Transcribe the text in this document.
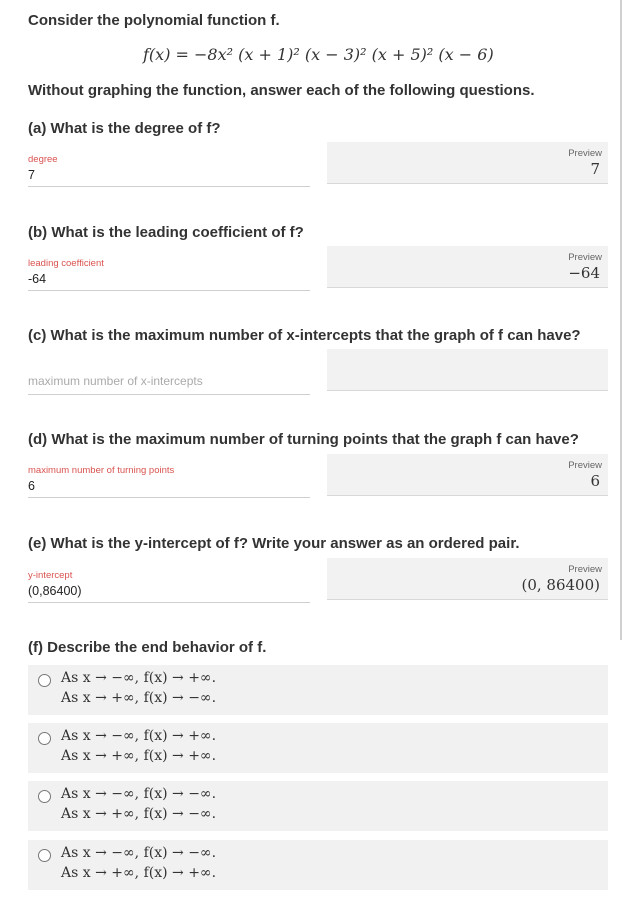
Consider the polynomial function f.
f(x) = −8x² (x + 1)² (x − 3)² (x + 5)² (x − 6)
Without graphing the function, answer each of the following questions.
(a) What is the degree of f?
degree
7
Preview
7
(b) What is the leading coefficient of f?
leading coefficient
-64
Preview
−64
(c) What is the maximum number of x-intercepts that the graph of f can have?
maximum number of x-intercepts
(d) What is the maximum number of turning points that the graph f can have?
maximum number of turning points
6
Preview
6
(e) What is the y-intercept of f? Write your answer as an ordered pair.
y-intercept
(0,86400)
Preview
(0, 86400)
(f) Describe the end behavior of f.
As x → −∞, f(x) → +∞.
As x → +∞, f(x) → −∞.
As x → −∞, f(x) → +∞.
As x → +∞, f(x) → +∞.
As x → −∞, f(x) → −∞.
As x → +∞, f(x) → −∞.
As x → −∞, f(x) → −∞.
As x → +∞, f(x) → +∞.
